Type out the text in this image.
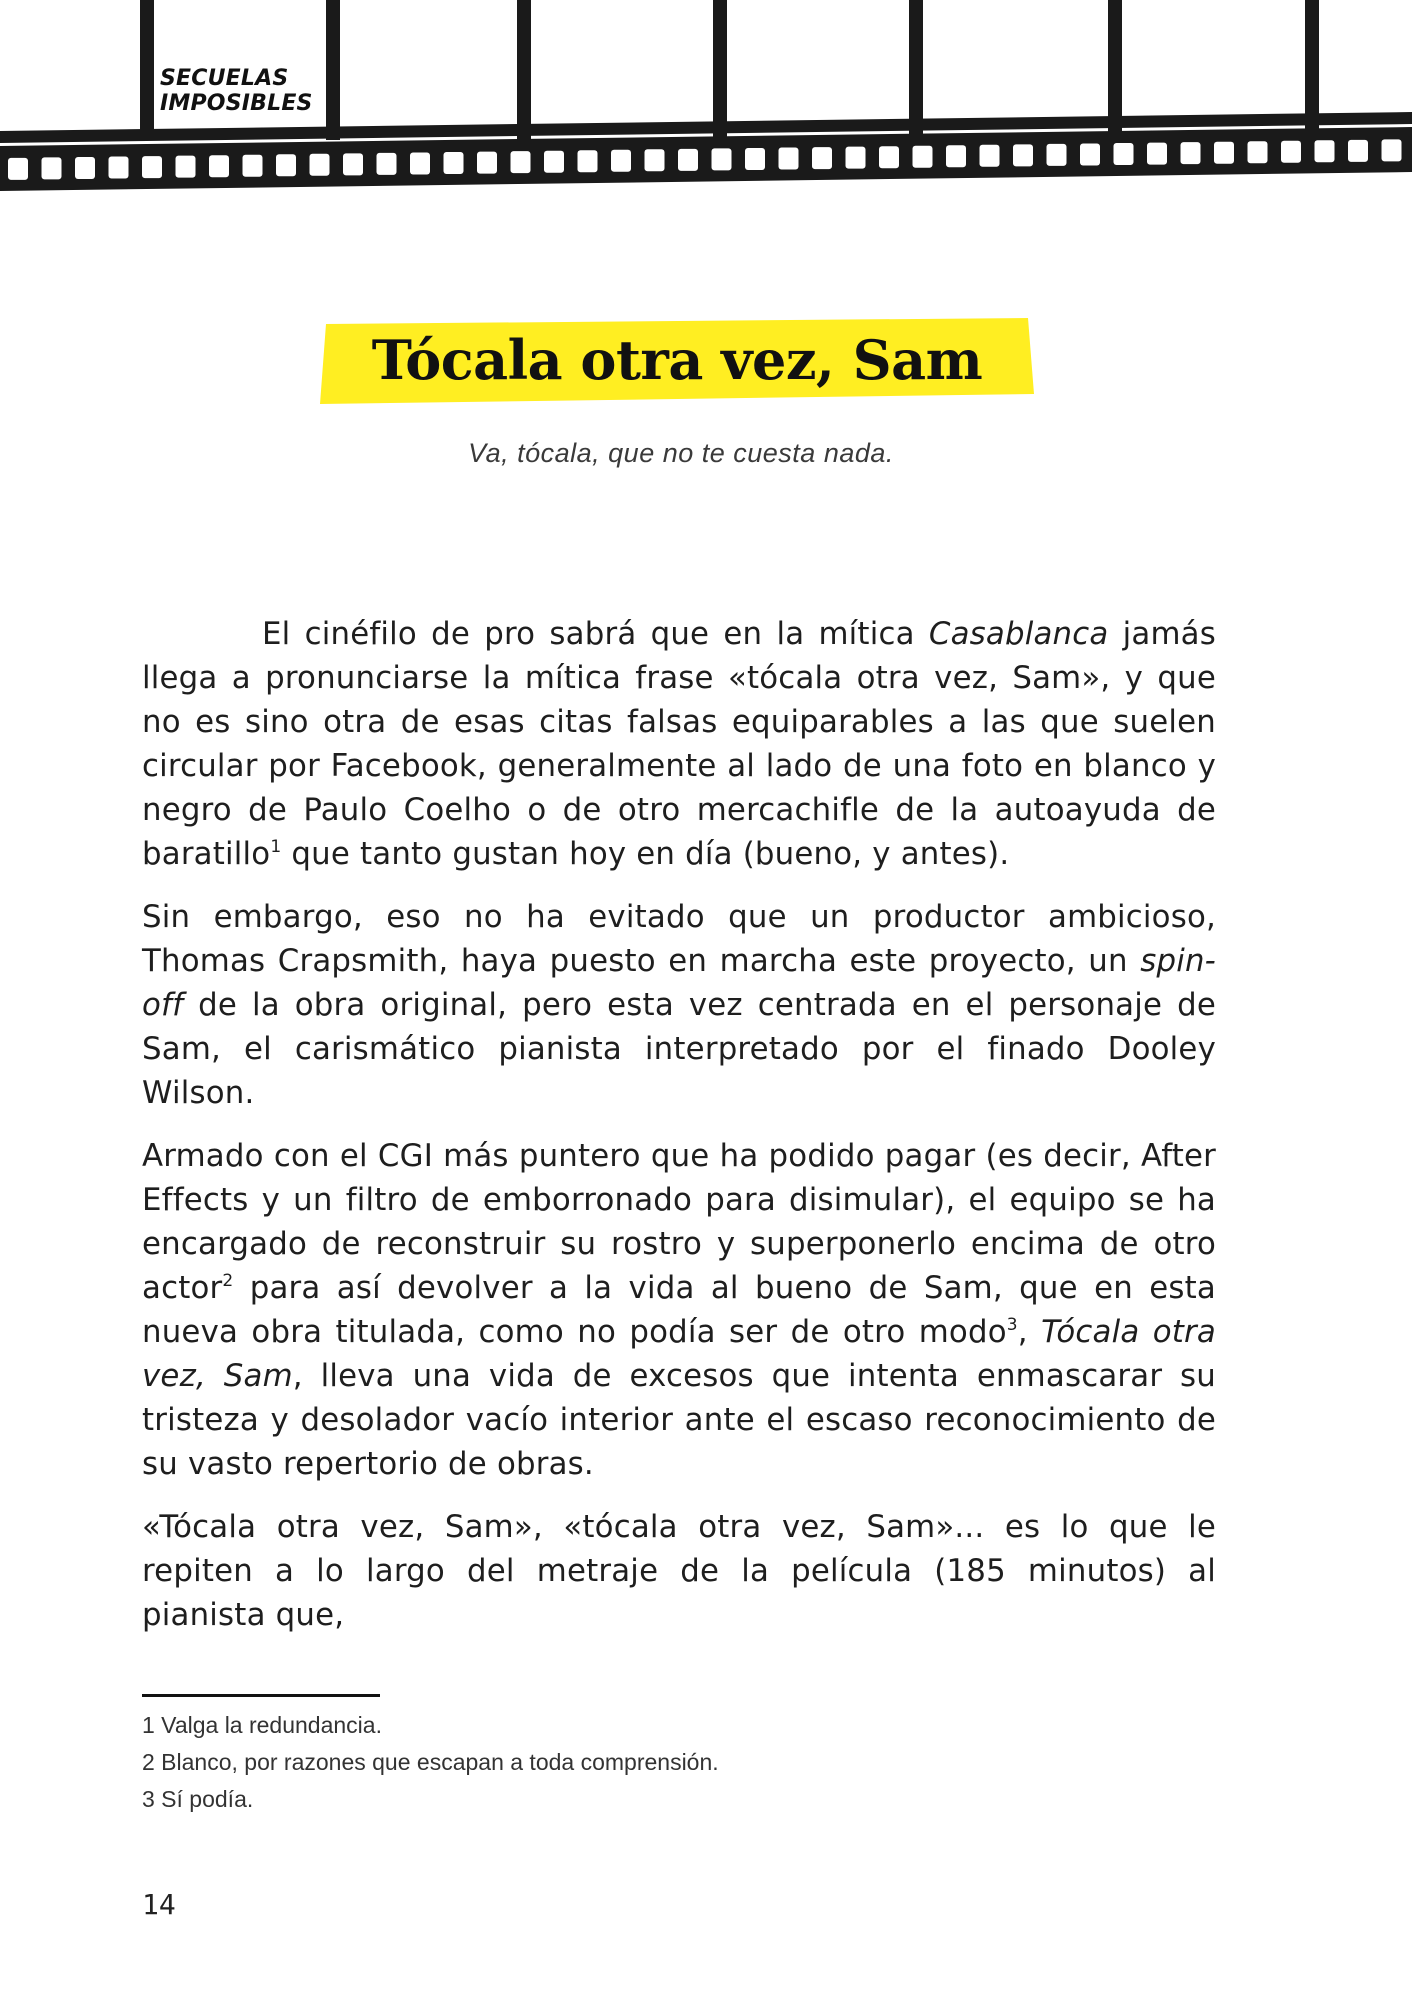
SECUELAS
IMPOSIBLES
Tócala otra vez, Sam
Va, tócala, que no te cuesta nada.

El cinéfilo de pro sabrá que en la mítica Casablanca jamás llega a pronunciarse la mítica frase «tócala otra vez, Sam», y que no es sino otra de esas citas falsas equiparables a las que suelen circular por Facebook, generalmente al lado de una foto en blanco y negro de Paulo Coelho o de otro mercachifle de la autoayuda de baratillo$^1$ que tanto gustan hoy en día (bueno, y antes).

Sin embargo, eso no ha evitado que un productor ambicioso, Thomas Crapsmith, haya puesto en marcha este proyecto, un spin-off de la obra original, pero esta vez centrada en el personaje de Sam, el carismático pianista interpretado por el finado Dooley Wilson.

Armado con el CGI más puntero que ha podido pagar (es decir, After Effects y un filtro de emborronado para disimular), el equipo se ha encargado de reconstruir su rostro y superponerlo encima de otro actor$^2$ para así devolver a la vida al bueno de Sam, que en esta nueva obra titulada, como no podía ser de otro modo$^3$, Tócala otra vez, Sam, lleva una vida de excesos que intenta enmascarar su tristeza y desolador vacío interior ante el escaso reconocimiento de su vasto repertorio de obras.

«Tócala otra vez, Sam», «tócala otra vez, Sam»... es lo que le repiten a lo largo del metraje de la película (185 minutos) al pianista que,

1 Valga la redundancia.
2 Blanco, por razones que escapan a toda comprensión.
3 Sí podía.
14
